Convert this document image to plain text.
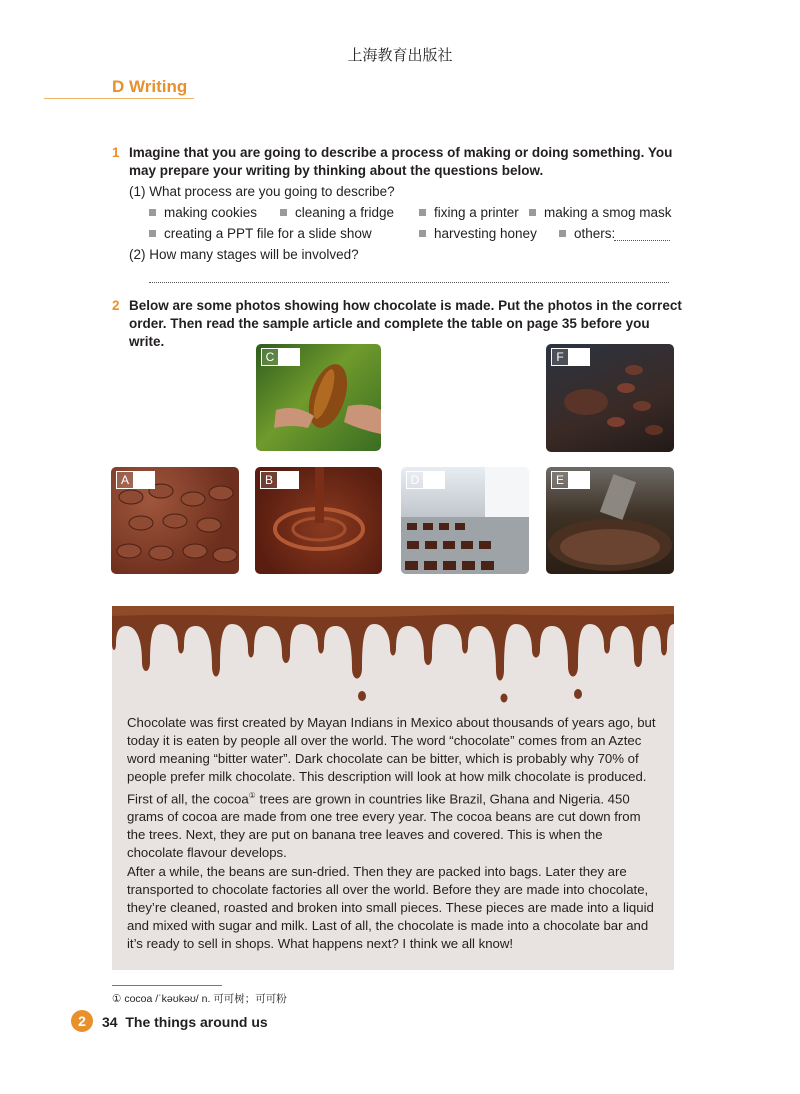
上海教育出版社
D Writing
1 Imagine that you are going to describe a process of making or doing something. You may prepare your writing by thinking about the questions below.
(1) What process are you going to describe?
making cookies	cleaning a fridge	fixing a printer	making a smog mask
creating a PPT file for a slide show	harvesting honey	others:
(2) How many stages will be involved?
2 Below are some photos showing how chocolate is made. Put the photos in the correct order. Then read the sample article and complete the table on page 35 before you write.
C	F
A	B	D	E

Chocolate was first created by Mayan Indians in Mexico about thousands of years ago, but today it is eaten by people all over the world. The word “chocolate” comes from an Aztec word meaning “bitter water”. Dark chocolate can be bitter, which is probably why 70% of people prefer milk chocolate. This description will look at how milk chocolate is produced.

First of all, the cocoa① trees are grown in countries like Brazil, Ghana and Nigeria. 450 grams of cocoa are made from one tree every year. The cocoa beans are cut down from the trees. Next, they are put on banana tree leaves and covered. This is when the chocolate flavour develops.

After a while, the beans are sun-dried. Then they are packed into bags. Later they are transported to chocolate factories all over the world. Before they are made into chocolate, they’re cleaned, roasted and broken into small pieces. These pieces are made into a liquid and mixed with sugar and milk. Last of all, the chocolate is made into a chocolate bar and it’s ready to sell in shops. What happens next? I think we all know!

① cocoa /ˈkəʊkəʊ/ n. 可可树；可可粉
2	34 The things around us
